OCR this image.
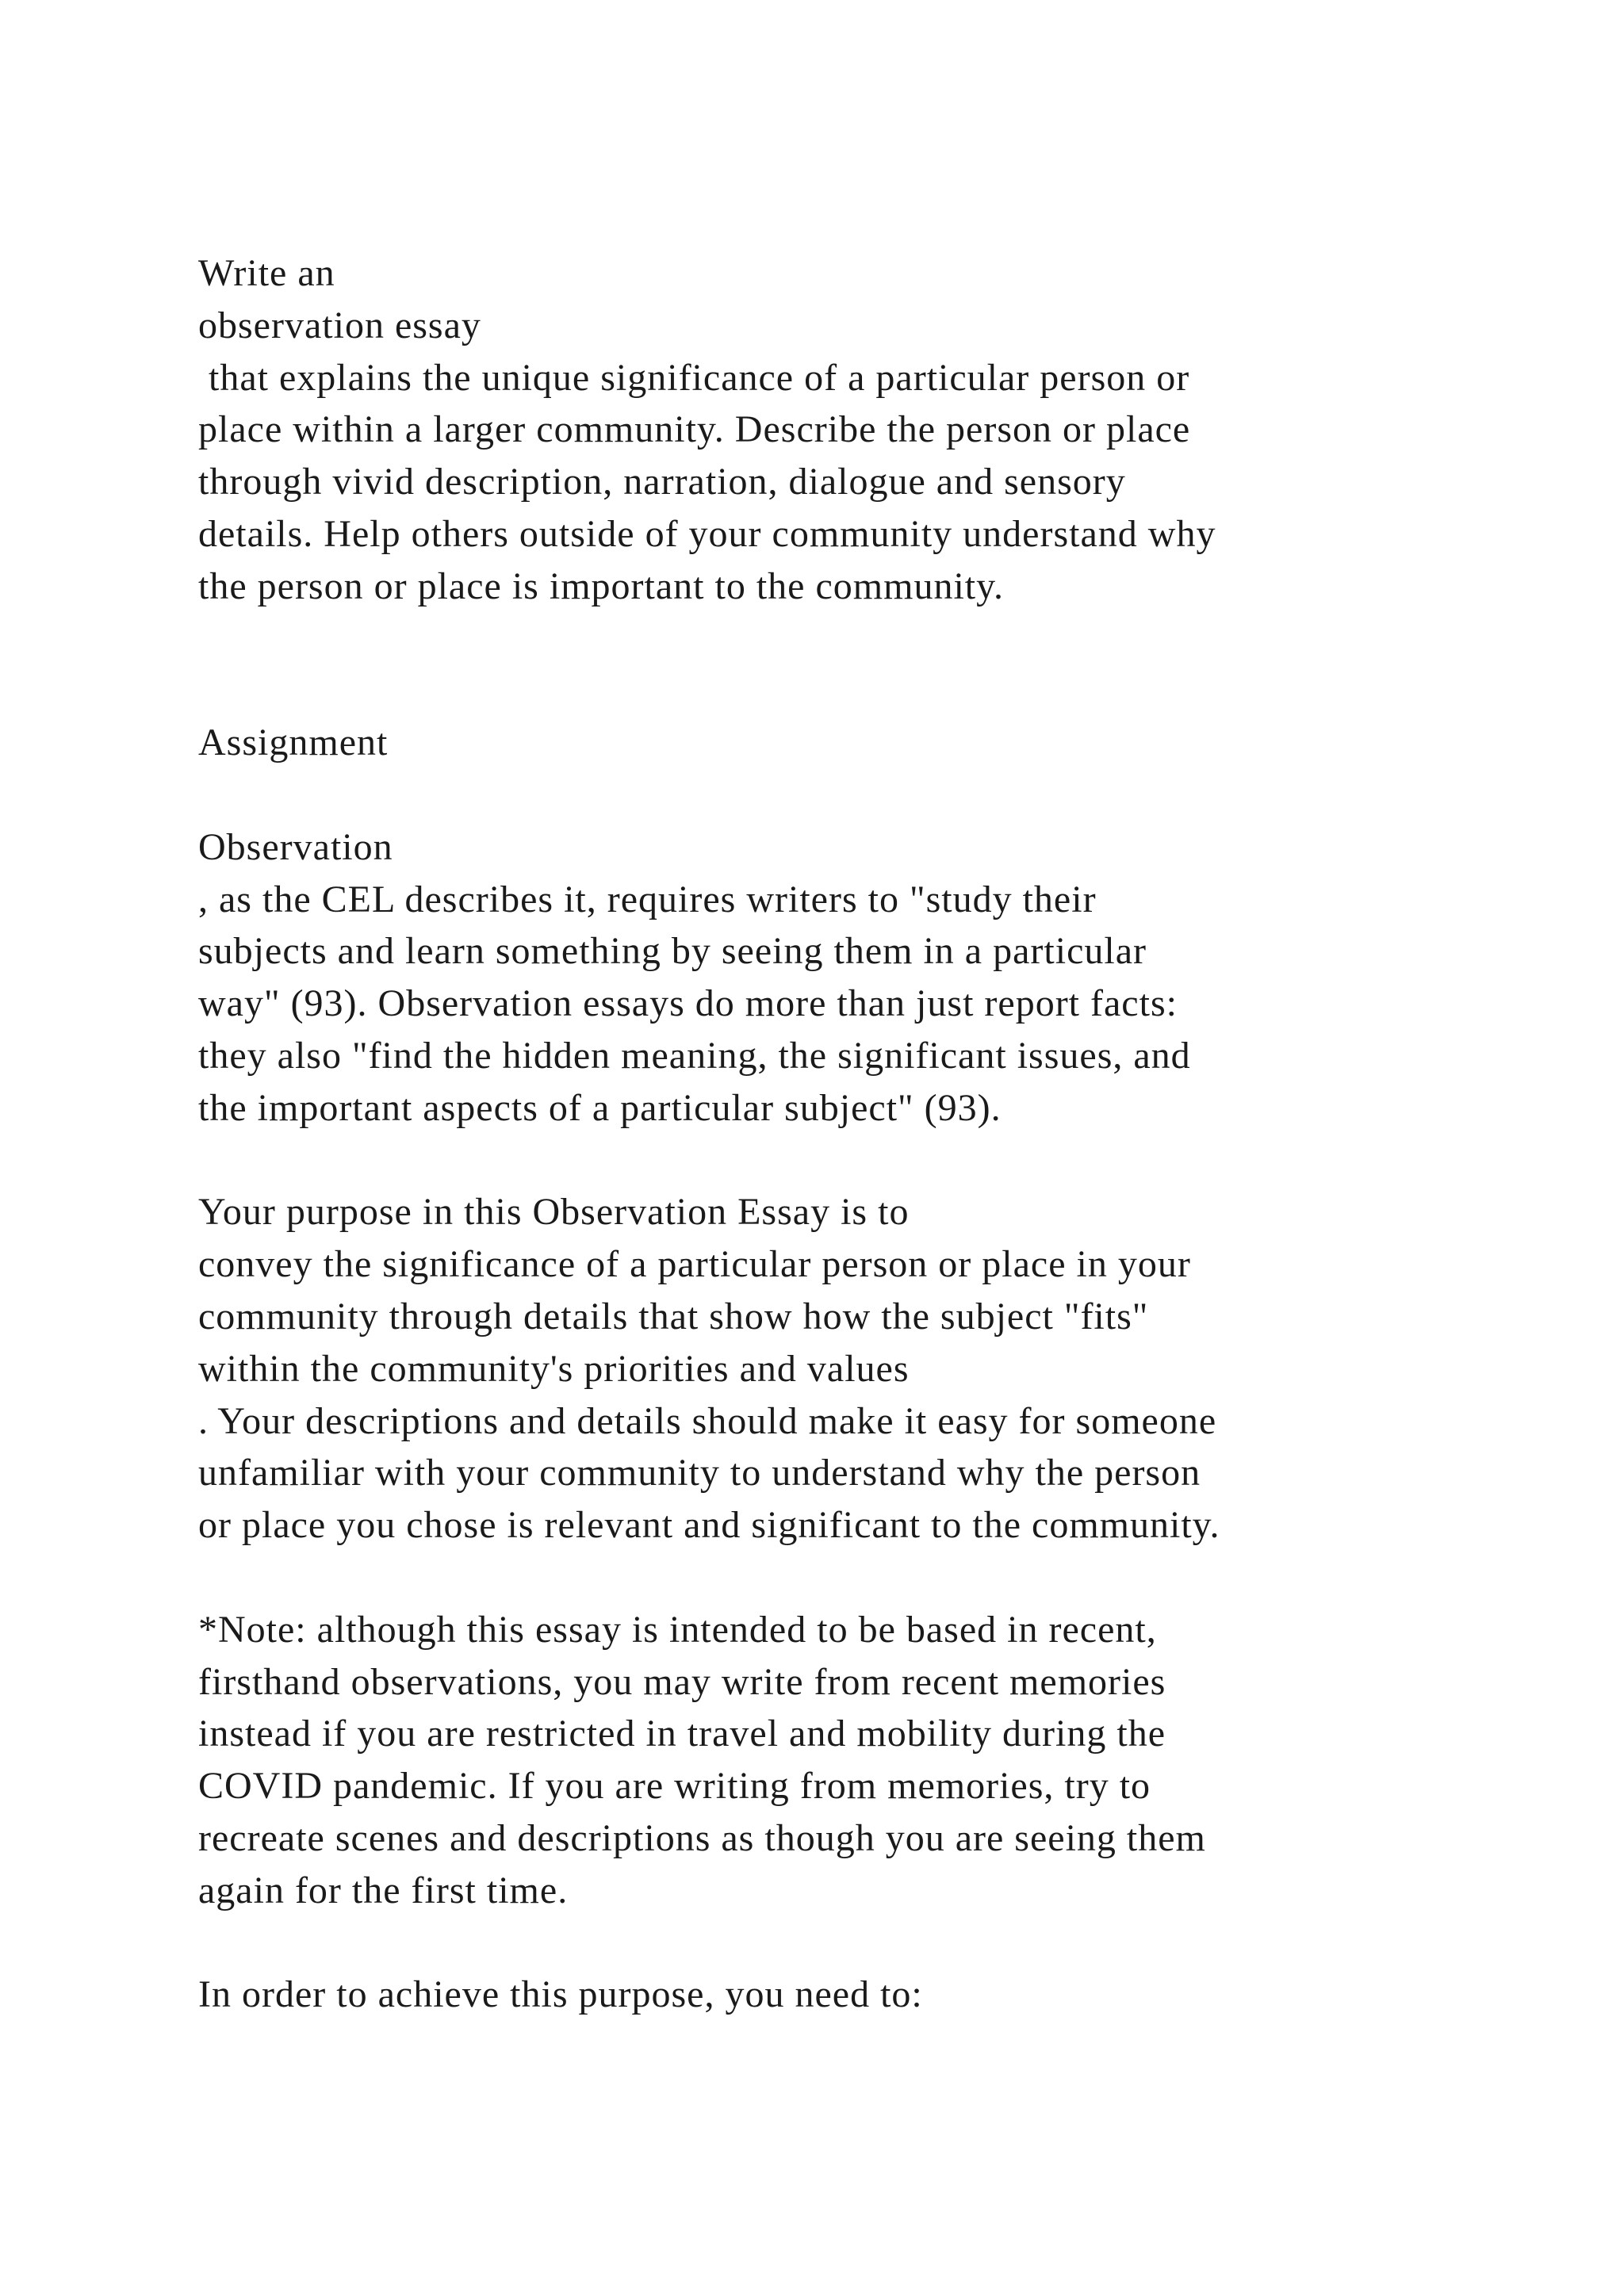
Write an
observation essay
that explains the unique significance of a particular person or
place within a larger community. Describe the person or place
through vivid description, narration, dialogue and sensory
details. Help others outside of your community understand why
the person or place is important to the community.
Assignment
Observation
, as the CEL describes it, requires writers to "study their
subjects and learn something by seeing them in a particular
way" (93). Observation essays do more than just report facts:
they also "find the hidden meaning, the significant issues, and
the important aspects of a particular subject" (93).
Your purpose in this Observation Essay is to
convey the significance of a particular person or place in your
community through details that show how the subject "fits"
within the community's priorities and values
. Your descriptions and details should make it easy for someone
unfamiliar with your community to understand why the person
or place you chose is relevant and significant to the community.
*Note: although this essay is intended to be based in recent,
firsthand observations, you may write from recent memories
instead if you are restricted in travel and mobility during the
COVID pandemic. If you are writing from memories, try to
recreate scenes and descriptions as though you are seeing them
again for the first time.
In order to achieve this purpose, you need to:
